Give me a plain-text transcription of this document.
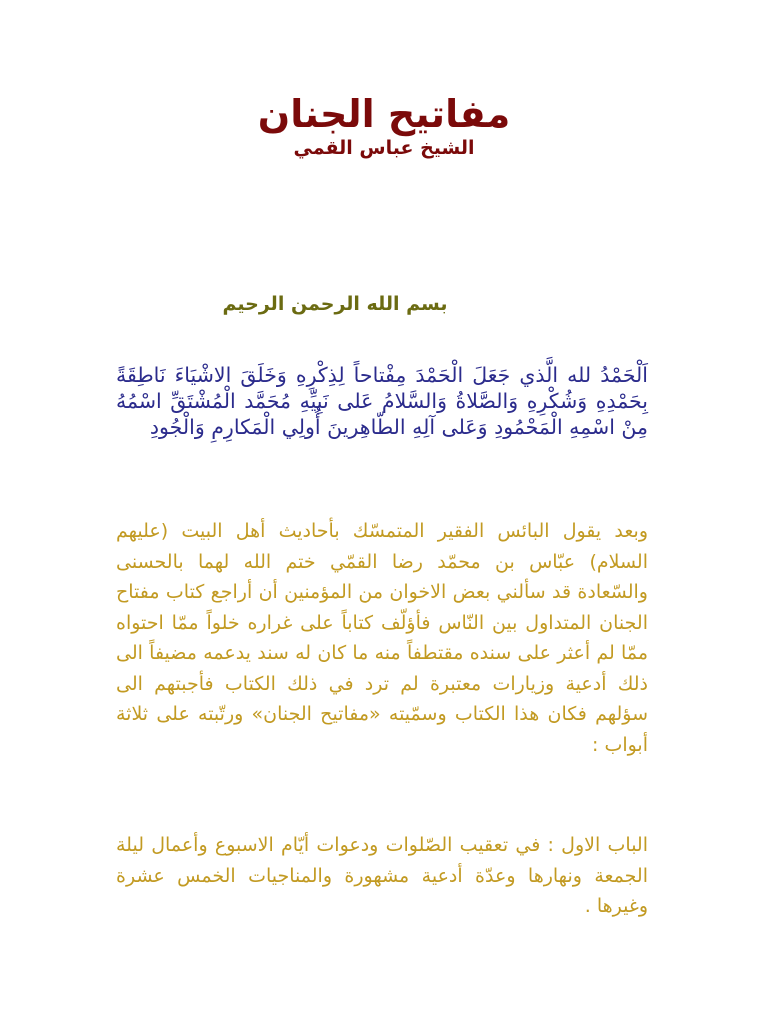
مفاتيح الجنان
الشيخ عباس القمي

بسم الله الرحمن الرحيم

اَلْحَمْدُ لله الَّذي جَعَلَ الْحَمْدَ مِفْتاحاً لِذِكْرِهِ وَخَلَقَ الاشْيَاءَ نَاطِقَةً بِحَمْدِهِ وَشُكْرِهِ وَالصَّلاةُ وَالسَّلامُ عَلى نَبِيِّهِ مُحَمَّد الْمُشْتَقِّ اسْمُهُ مِنْ اسْمِهِ الْمَحْمُودِ وَعَلى آلِهِ الطّاهِرينَ أُولِي الْمَكارِمِ وَالْجُودِ

وبعد يقول البائس الفقير المتمسّك بأحاديث أهل البيت (عليهم السلام) عبّاس بن محمّد رضا القمّي ختم الله لهما بالحسنى والسّعادة قد سألني بعض الاخوان من المؤمنين أن أراجع كتاب مفتاح الجنان المتداول بين النّاس فأؤلّف كتاباً على غراره خلواً ممّا احتواه ممّا لم أعثر على سنده مقتطفاً منه ما كان له سند يدعمه مضيفاً الى ذلك أدعية وزيارات معتبرة لم ترد في ذلك الكتاب فأجبتهم الى سؤلهم فكان هذا الكتاب وسمّيته «مفاتيح الجنان» ورتّبته على ثلاثة أبواب :

الباب الاول : في تعقيب الصّلوات ودعوات أيّام الاسبوع وأعمال ليلة الجمعة ونهارها وعدّة أدعية مشهورة والمناجيات الخمس عشرة وغيرها .
